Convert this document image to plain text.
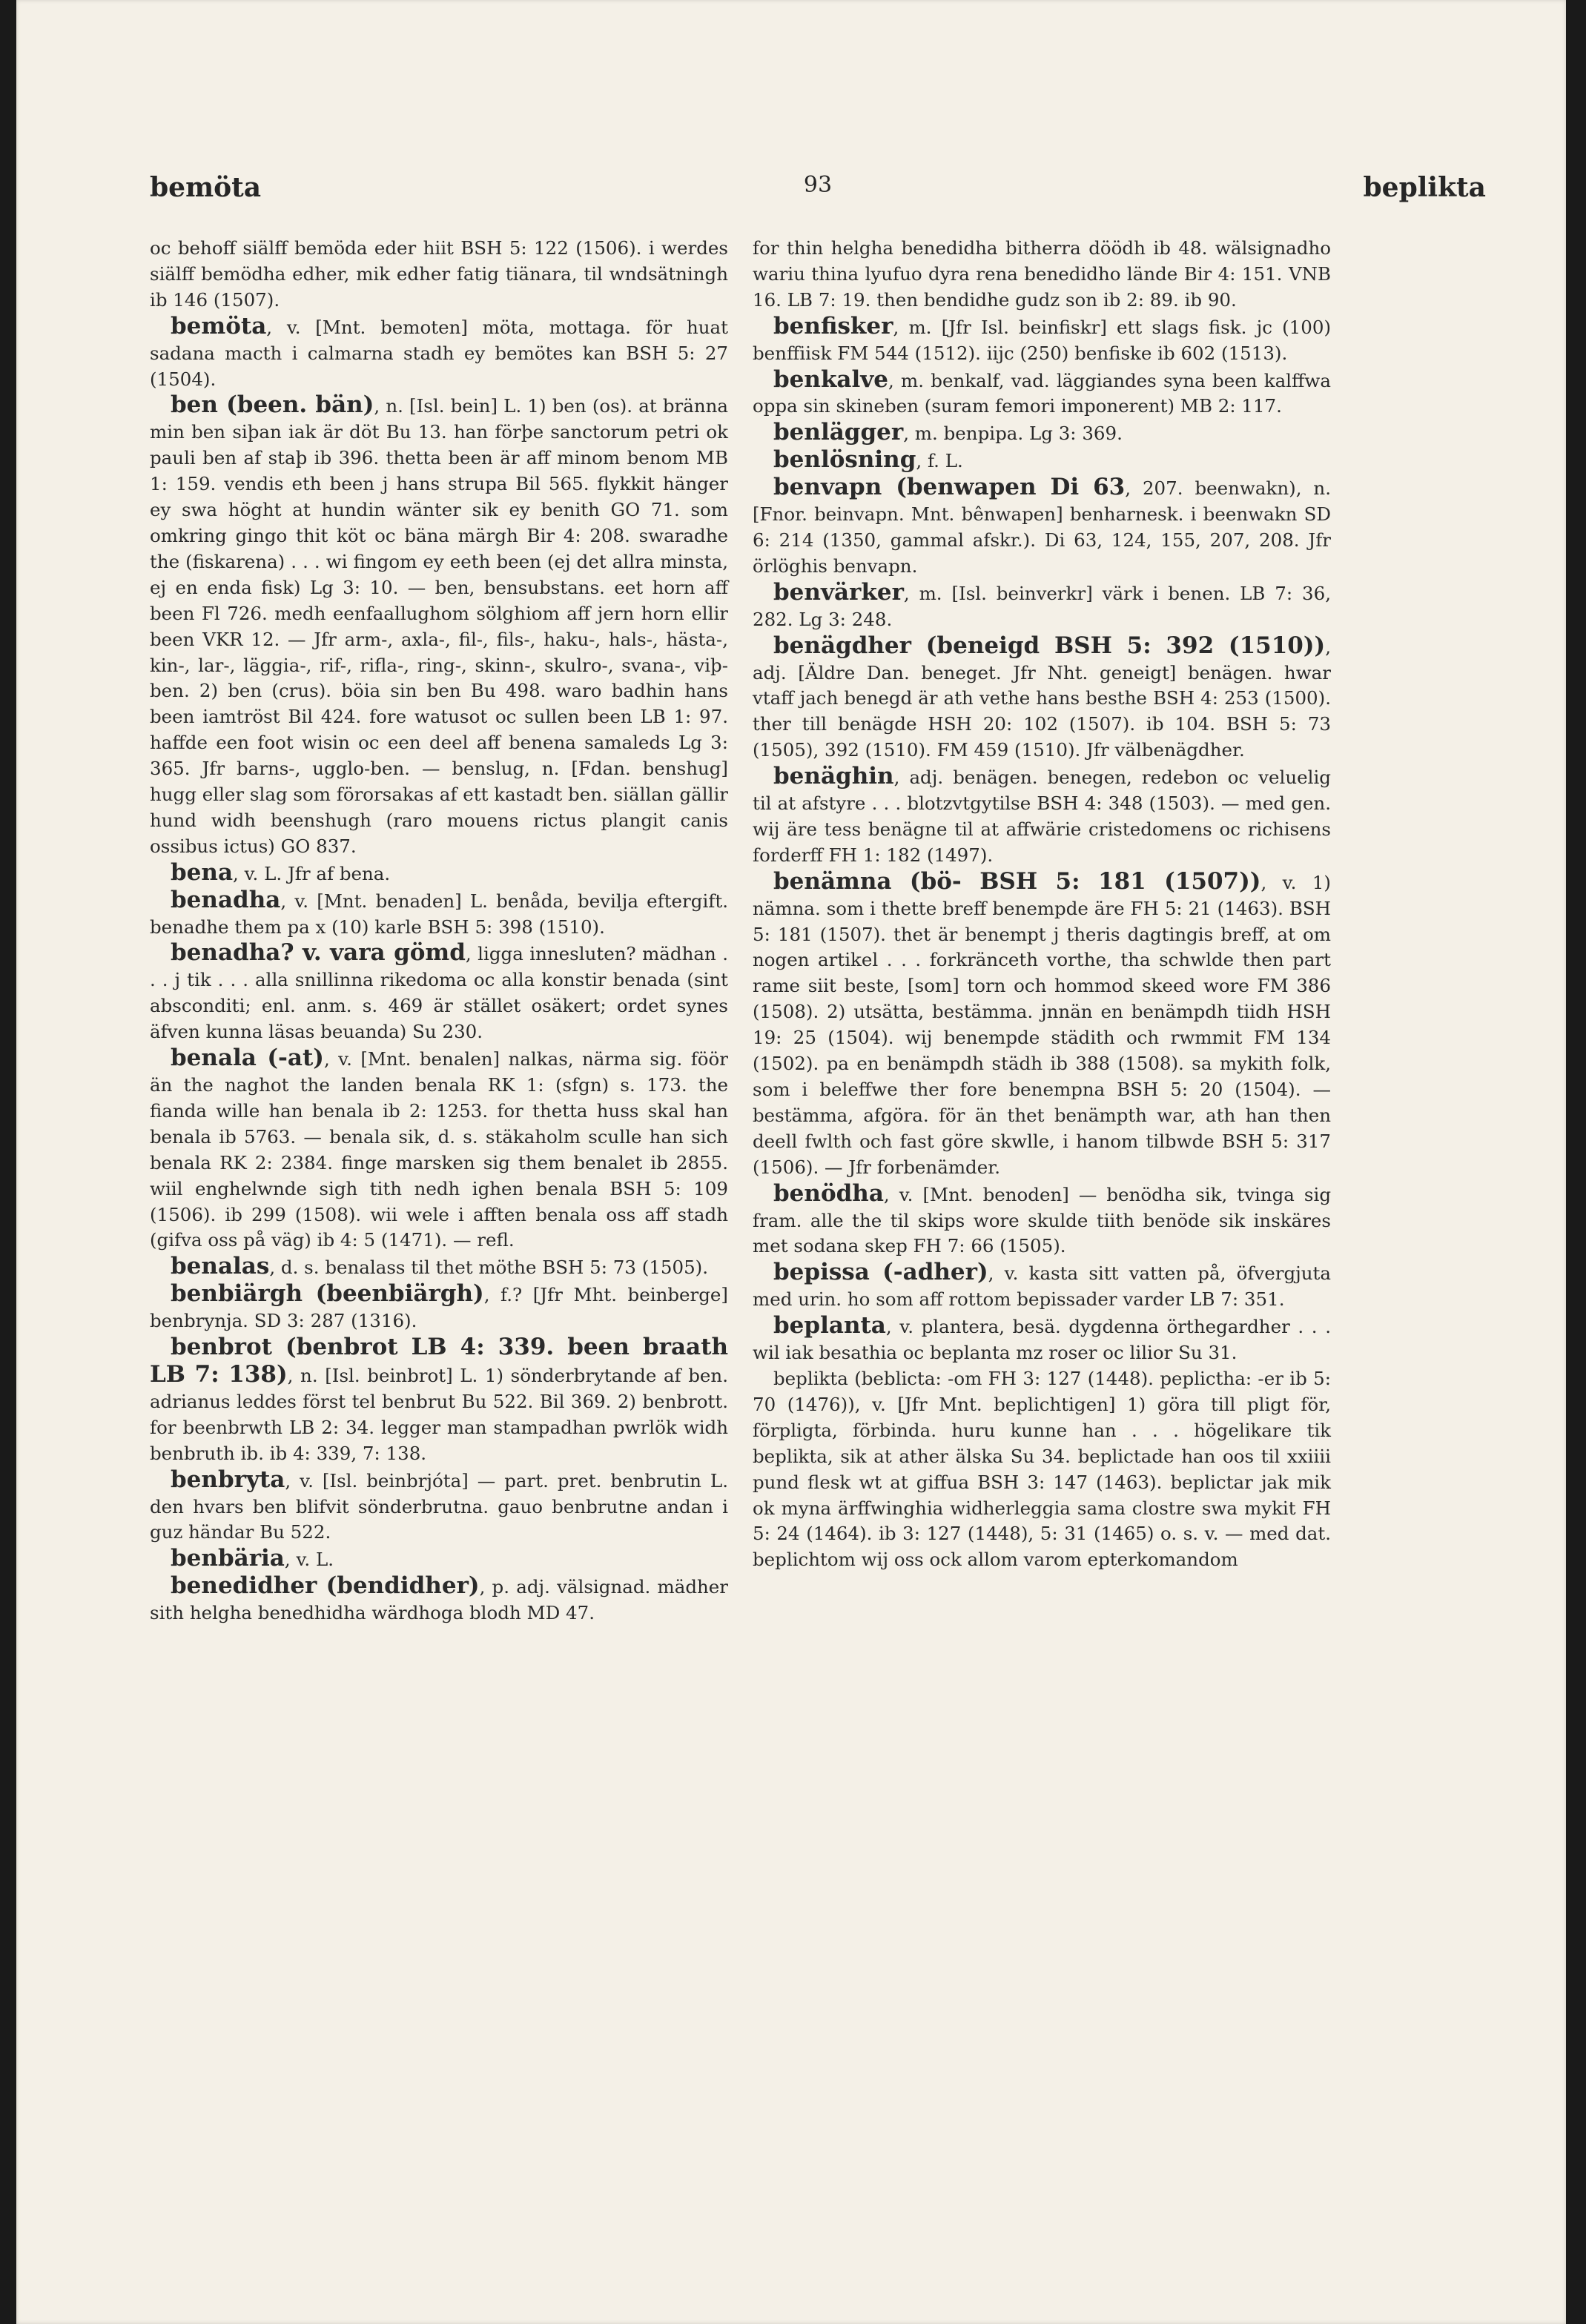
bemöta	93	beplikta

oc behoff siälff bemöda eder hiit BSH 5: 122 (1506). i werdes siälff bemödha edher, mik edher fatig tiänara, til wndsätningh ib 146 (1507).

bemöta, v. [Mnt. bemoten] möta, mottaga. för huat sadana macth i calmarna stadh ey bemötes kan BSH 5: 27 (1504).

ben (been. bän), n. [Isl. bein] L. 1) ben (os). at bränna min ben siþan iak är döt Bu 13. han förþe sanctorum petri ok pauli ben af staþ ib 396. thetta been är aff minom benom MB 1: 159. vendis eth been j hans strupa Bil 565. flykkit hänger ey swa höght at hundin wänter sik ey benith GO 71. som omkring gingo thit köt oc bäna märgh Bir 4: 208. swaradhe the (fiskarena) . . . wi fingom ey eeth been (ej det allra minsta, ej en enda fisk) Lg 3: 10. — ben, bensubstans. eet horn aff been Fl 726. medh eenfaallughom sölghiom aff jern horn ellir been VKR 12. — Jfr arm-, axla-, fil-, fils-, haku-, hals-, hästa-, kin-, lar-, läggia-, rif-, rifla-, ring-, skinn-, skulro-, svana-, viþ-ben. 2) ben (crus). böia sin ben Bu 498. waro badhin hans been iamtröst Bil 424. fore watusot oc sullen been LB 1: 97. haffde een foot wisin oc een deel aff benena samaleds Lg 3: 365. Jfr barns-, ugglo-ben. — benslug, n. [Fdan. benshug] hugg eller slag som förorsakas af ett kastadt ben. siällan gällir hund widh beenshugh (raro mouens rictus plangit canis ossibus ictus) GO 837.

bena, v. L. Jfr af bena.

benadha, v. [Mnt. benaden] L. benåda, bevilja eftergift. benadhe them pa x (10) karle BSH 5: 398 (1510).

benadha? v. vara gömd, ligga innesluten? mädhan . . . j tik . . . alla snillinna rikedoma oc alla konstir benada (sint absconditi; enl. anm. s. 469 är stället osäkert; ordet synes äfven kunna läsas beuanda) Su 230.

benala (-at), v. [Mnt. benalen] nalkas, närma sig. föör än the naghot the landen benala RK 1: (sfgn) s. 173. the fianda wille han benala ib 2: 1253. for thetta huss skal han benala ib 5763. — benala sik, d. s. stäkaholm sculle han sich benala RK 2: 2384. finge marsken sig them benalet ib 2855. wiil enghelwnde sigh tith nedh ighen benala BSH 5: 109 (1506). ib 299 (1508). wii wele i afften benala oss aff stadh (gifva oss på väg) ib 4: 5 (1471). — refl.

benalas, d. s. benalass til thet möthe BSH 5: 73 (1505).

benbiärgh (beenbiärgh), f.? [Jfr Mht. beinberge] benbrynja. SD 3: 287 (1316).

benbrot (benbrot LB 4: 339. been braath LB 7: 138), n. [Isl. beinbrot] L. 1) sönderbrytande af ben. adrianus leddes först tel benbrut Bu 522. Bil 369. 2) benbrott. for beenbrwth LB 2: 34. legger man stampadhan pwrlök widh benbruth ib. ib 4: 339, 7: 138.

benbryta, v. [Isl. beinbrjóta] — part. pret. benbrutin L. den hvars ben blifvit sönderbrutna. gauo benbrutne andan i guz händar Bu 522.

benbäria, v. L.

benedidher (bendidher), p. adj. välsignad. mädher sith helgha benedhidha wärdhoga blodh MD 47.

for thin helgha benedidha bitherra döödh ib 48. wälsignadho wariu thina lyufuo dyra rena benedidho lände Bir 4: 151. VNB 16. LB 7: 19. then bendidhe gudz son ib 2: 89. ib 90.

benfisker, m. [Jfr Isl. beinfiskr] ett slags fisk. jc (100) benffiisk FM 544 (1512). iijc (250) benfiske ib 602 (1513).

benkalve, m. benkalf, vad. läggiandes syna been kalffwa oppa sin skineben (suram femori imponerent) MB 2: 117.

benlägger, m. benpipa. Lg 3: 369.

benlösning, f. L.

benvapn (benwapen Di 63, 207. beenwakn), n. [Fnor. beinvapn. Mnt. bênwapen] benharnesk. i beenwakn SD 6: 214 (1350, gammal afskr.). Di 63, 124, 155, 207, 208. Jfr örlöghis benvapn.

benvärker, m. [Isl. beinverkr] värk i benen. LB 7: 36, 282. Lg 3: 248.

benägdher (beneigd BSH 5: 392 (1510)), adj. [Äldre Dan. beneget. Jfr Nht. geneigt] benägen. hwar vtaff jach benegd är ath vethe hans besthe BSH 4: 253 (1500). ther till benägde HSH 20: 102 (1507). ib 104. BSH 5: 73 (1505), 392 (1510). FM 459 (1510). Jfr välbenägdher.

benäghin, adj. benägen. benegen, redebon oc veluelig til at afstyre . . . blotzvtgytilse BSH 4: 348 (1503). — med gen. wij äre tess benägne til at affwärie cristedomens oc richisens forderff FH 1: 182 (1497).

benämna (bö- BSH 5: 181 (1507)), v. 1) nämna. som i thette breff benempde äre FH 5: 21 (1463). BSH 5: 181 (1507). thet är benempt j theris dagtingis breff, at om nogen artikel . . . forkränceth vorthe, tha schwlde then part rame siit beste, [som] torn och hommod skeed wore FM 386 (1508). 2) utsätta, bestämma. jnnän en benämpdh tiidh HSH 19: 25 (1504). wij benempde städith och rwmmit FM 134 (1502). pa en benämpdh städh ib 388 (1508). sa mykith folk, som i beleffwe ther fore benempna BSH 5: 20 (1504). — bestämma, afgöra. för än thet benämpth war, ath han then deell fwlth och fast göre skwlle, i hanom tilbwde BSH 5: 317 (1506). — Jfr forbenämder.

benödha, v. [Mnt. benoden] — benödha sik, tvinga sig fram. alle the til skips wore skulde tiith benöde sik inskäres met sodana skep FH 7: 66 (1505).

bepissa (-adher), v. kasta sitt vatten på, öfvergjuta med urin. ho som aff rottom bepissader varder LB 7: 351.

beplanta, v. plantera, besä. dygdenna örthegardher . . . wil iak besathia oc beplanta mz roser oc lilior Su 31.

beplikta (beblicta: -om FH 3: 127 (1448). peplictha: -er ib 5: 70 (1476)), v. [Jfr Mnt. beplichtigen] 1) göra till pligt för, förpligta, förbinda. huru kunne han . . . högelikare tik beplikta, sik at ather älska Su 34. beplictade han oos til xxiiii pund flesk wt at giffua BSH 3: 147 (1463). beplictar jak mik ok myna ärffwinghia widherleggia sama clostre swa mykit FH 5: 24 (1464). ib 3: 127 (1448), 5: 31 (1465) o. s. v. — med dat. beplichtom wij oss ock allom varom epterkomandom
